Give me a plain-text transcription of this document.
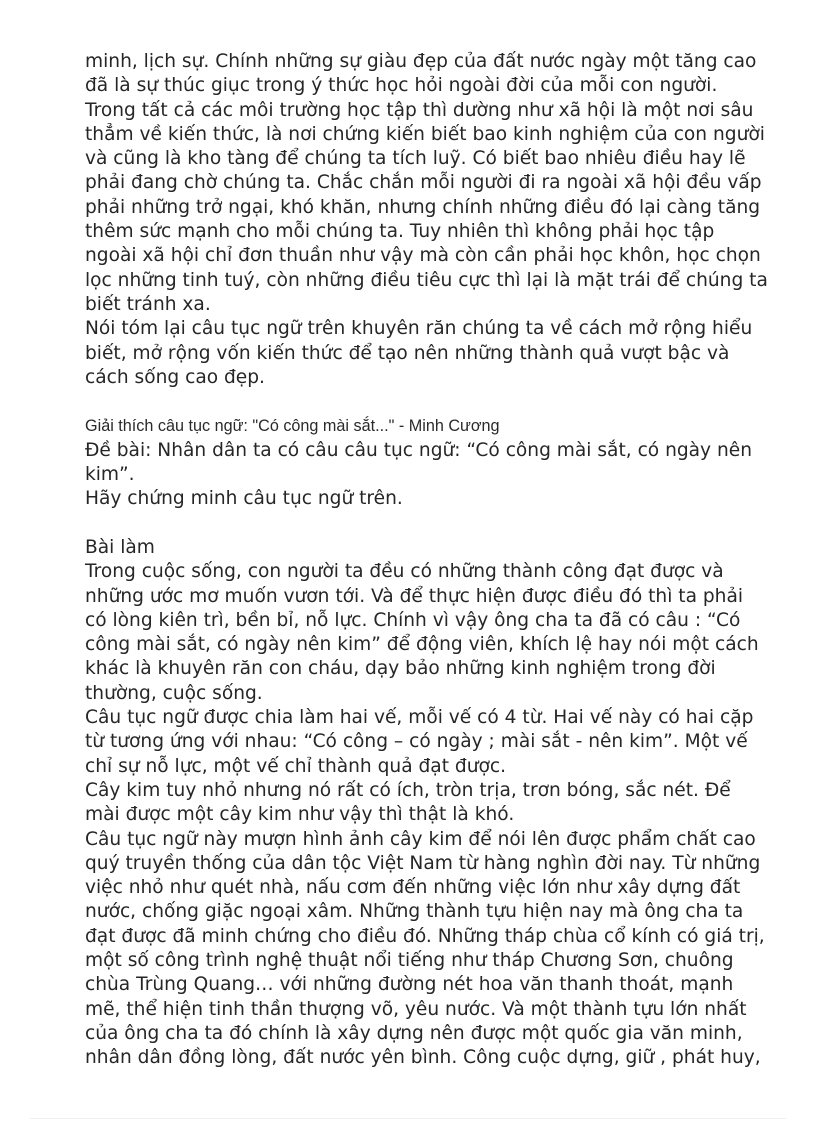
minh, lịch sự. Chính những sự giàu đẹp của đất nước ngày một tăng cao

đã là sự thúc giục trong ý thức học hỏi ngoài đời của mỗi con người.

Trong tất cả các môi trường học tập thì dường như xã hội là một nơi sâu

thẳm về kiến thức, là nơi chứng kiến biết bao kinh nghiệm của con người

và cũng là kho tàng để chúng ta tích luỹ. Có biết bao nhiêu điều hay lẽ

phải đang chờ chúng ta. Chắc chắn mỗi người đi ra ngoài xã hội đều vấp

phải những trở ngại, khó khăn, nhưng chính những điều đó lại càng tăng

thêm sức mạnh cho mỗi chúng ta. Tuy nhiên thì không phải học tập

ngoài xã hội chỉ đơn thuần như vậy mà còn cần phải học khôn, học chọn

lọc những tinh tuý, còn những điều tiêu cực thì lại là mặt trái để chúng ta

biết tránh xa.

Nói tóm lại câu tục ngữ trên khuyên răn chúng ta về cách mở rộng hiểu

biết, mở rộng vốn kiến thức để tạo nên những thành quả vượt bậc và

cách sống cao đẹp.

Giải thích câu tục ngữ: "Có công mài sắt..." - Minh Cương

Đề bài: Nhân dân ta có câu câu tục ngữ: “Có công mài sắt, có ngày nên

kim”.

Hãy chứng minh câu tục ngữ trên.

Bài làm

Trong cuộc sống, con người ta đều có những thành công đạt được và

những ước mơ muốn vươn tới. Và để thực hiện được điều đó thì ta phải

có lòng kiên trì, bền bỉ, nỗ lực. Chính vì vậy ông cha ta đã có câu : “Có

công mài sắt, có ngày nên kim” để động viên, khích lệ hay nói một cách

khác là khuyên răn con cháu, dạy bảo những kinh nghiệm trong đời

thường, cuộc sống.

Câu tục ngữ được chia làm hai vế, mỗi vế có 4 từ. Hai vế này có hai cặp

từ tương ứng với nhau: “Có công – có ngày ; mài sắt - nên kim”. Một vế

chỉ sự nỗ lực, một vế chỉ thành quả đạt được.

Cây kim tuy nhỏ nhưng nó rất có ích, tròn trịa, trơn bóng, sắc nét. Để

mài được một cây kim như vậy thì thật là khó.

Câu tục ngữ này mượn hình ảnh cây kim để nói lên được phẩm chất cao

quý truyền thống của dân tộc Việt Nam từ hàng nghìn đời nay. Từ những

việc nhỏ như quét nhà, nấu cơm đến những việc lớn như xây dựng đất

nước, chống giặc ngoại xâm. Những thành tựu hiện nay mà ông cha ta

đạt được đã minh chứng cho điều đó. Những tháp chùa cổ kính có giá trị,

một số công trình nghệ thuật nổi tiếng như tháp Chương Sơn, chuông

chùa Trùng Quang… với những đường nét hoa văn thanh thoát, mạnh

mẽ, thể hiện tinh thần thượng võ, yêu nước. Và một thành tựu lớn nhất

của ông cha ta đó chính là xây dựng nên được một quốc gia văn minh,

nhân dân đồng lòng, đất nước yên bình. Công cuộc dựng, giữ , phát huy,
